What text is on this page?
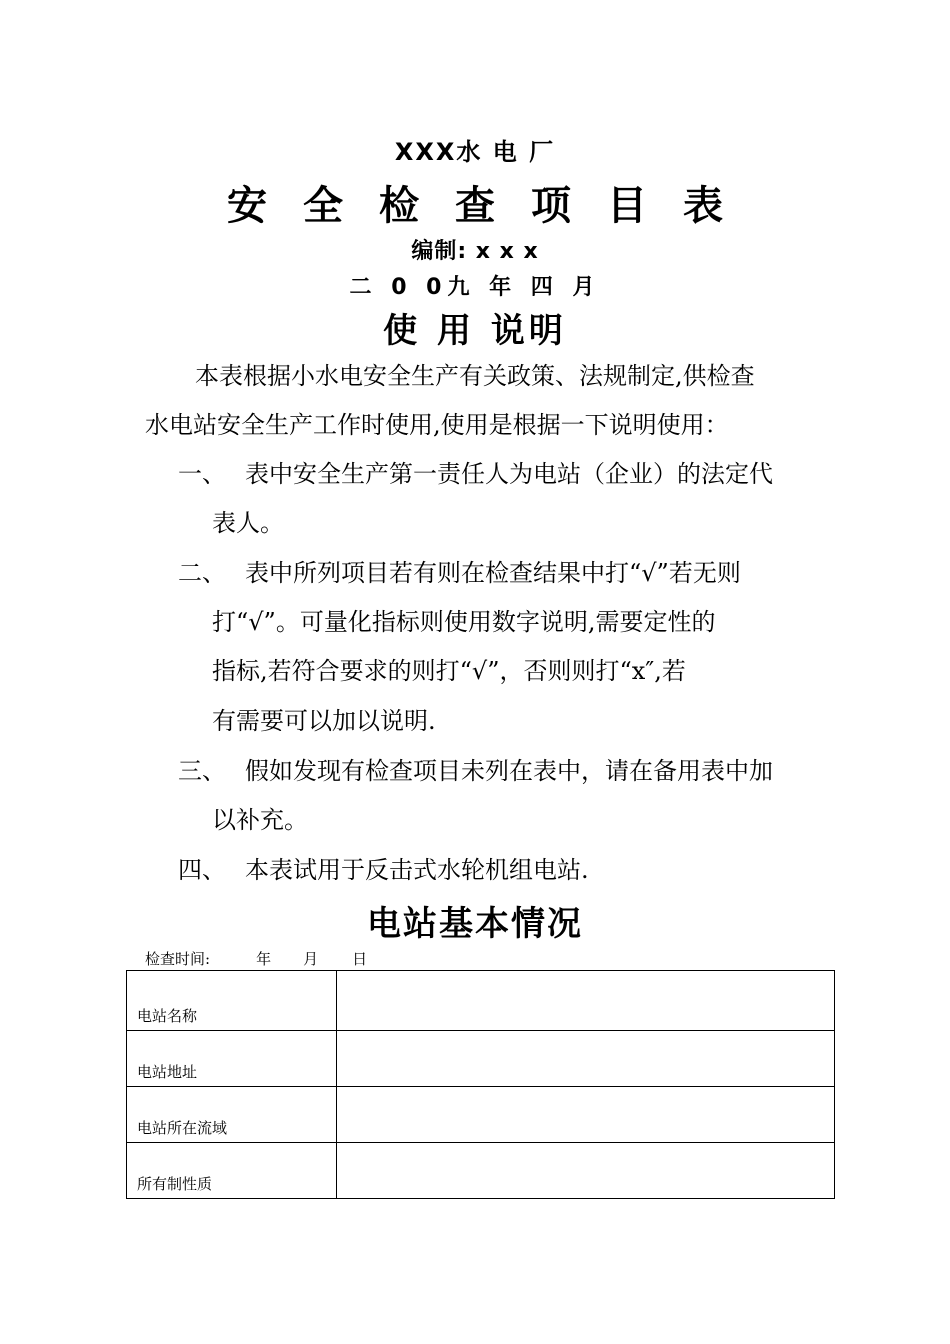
XXX水 电 厂
安 全 检 查 项 目 表
编制: x x x
二 0 0九 年 四 月
使 用 说明
本表根据小水电安全生产有关政策、法规制定,供检查
水电站安全生产工作时使用,使用是根据一下说明使用：
一、 表中安全生产第一责任人为电站（企业）的法定代
表人。
二、 表中所列项目若有则在检查结果中打“√”若无则
打“√”。可量化指标则使用数字说明,需要定性的
指标,若符合要求的则打“√”，否则则打“x″,若
有需要可以加以说明.
三、 假如发现有检查项目未列在表中，请在备用表中加
以补充。
四、 本表试用于反击式水轮机组电站.
电站基本情况
检查时间:	年 月 日
电站名称	
电站地址	
电站所在流域	
所有制性质	
